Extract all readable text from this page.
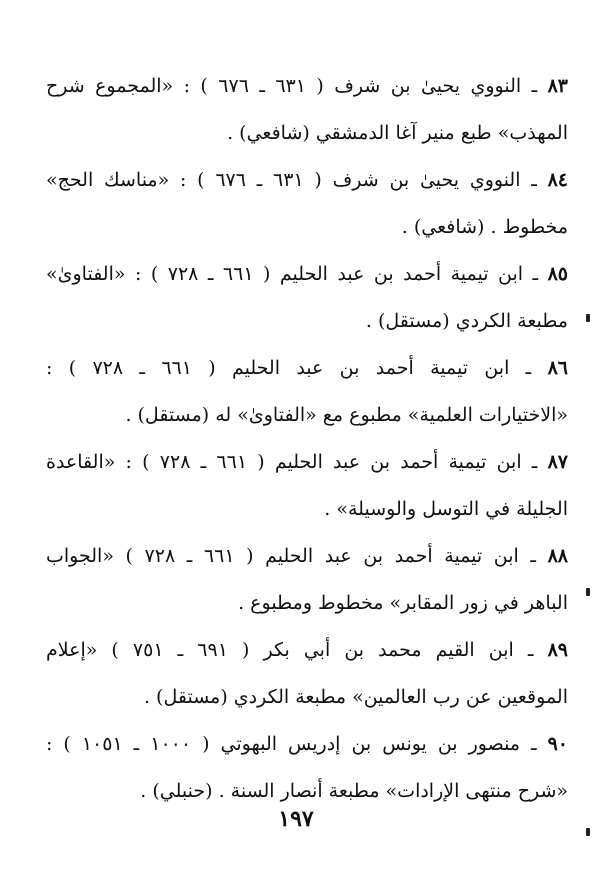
٨٣ ـ النووي يحيىٰ بن شرف ( ٦٣١ ـ ٦٧٦ ) : «المجموع شرح
المهذب» طبع منير آغا الدمشقي (شافعي) .
٨٤ ـ النووي يحيىٰ بن شرف ( ٦٣١ ـ ٦٧٦ ) : «مناسك الحج»
مخطوط . (شافعي) .
٨٥ ـ ابن تيمية أحمد بن عبد الحليم ( ٦٦١ ـ ٧٢٨ ) : «الفتاوىٰ»
مطبعة الكردي (مستقل) .
٨٦ ـ ابن تيمية أحمد بن عبد الحليم ( ٦٦١ ـ ٧٢٨ ) :
«الاختيارات العلمية» مطبوع مع «الفتاوىٰ» له (مستقل) .
٨٧ ـ ابن تيمية أحمد بن عبد الحليم ( ٦٦١ ـ ٧٢٨ ) : «القاعدة
الجليلة في التوسل والوسيلة» .
٨٨ ـ ابن تيمية أحمد بن عبد الحليم ( ٦٦١ ـ ٧٢٨ ) «الجواب
الباهر في زور المقابر» مخطوط ومطبوع .
٨٩ ـ ابن القيم محمد بن أبي بكر ( ٦٩١ ـ ٧٥١ ) «إعلام
الموقعين عن رب العالمين» مطبعة الكردي (مستقل) .
٩٠ ـ منصور بن يونس بن إدريس البهوتي ( ١٠٠٠ ـ ١٠٥١ ) :
«شرح منتهى الإرادات» مطبعة أنصار السنة . (حنبلي) .
١٩٧
